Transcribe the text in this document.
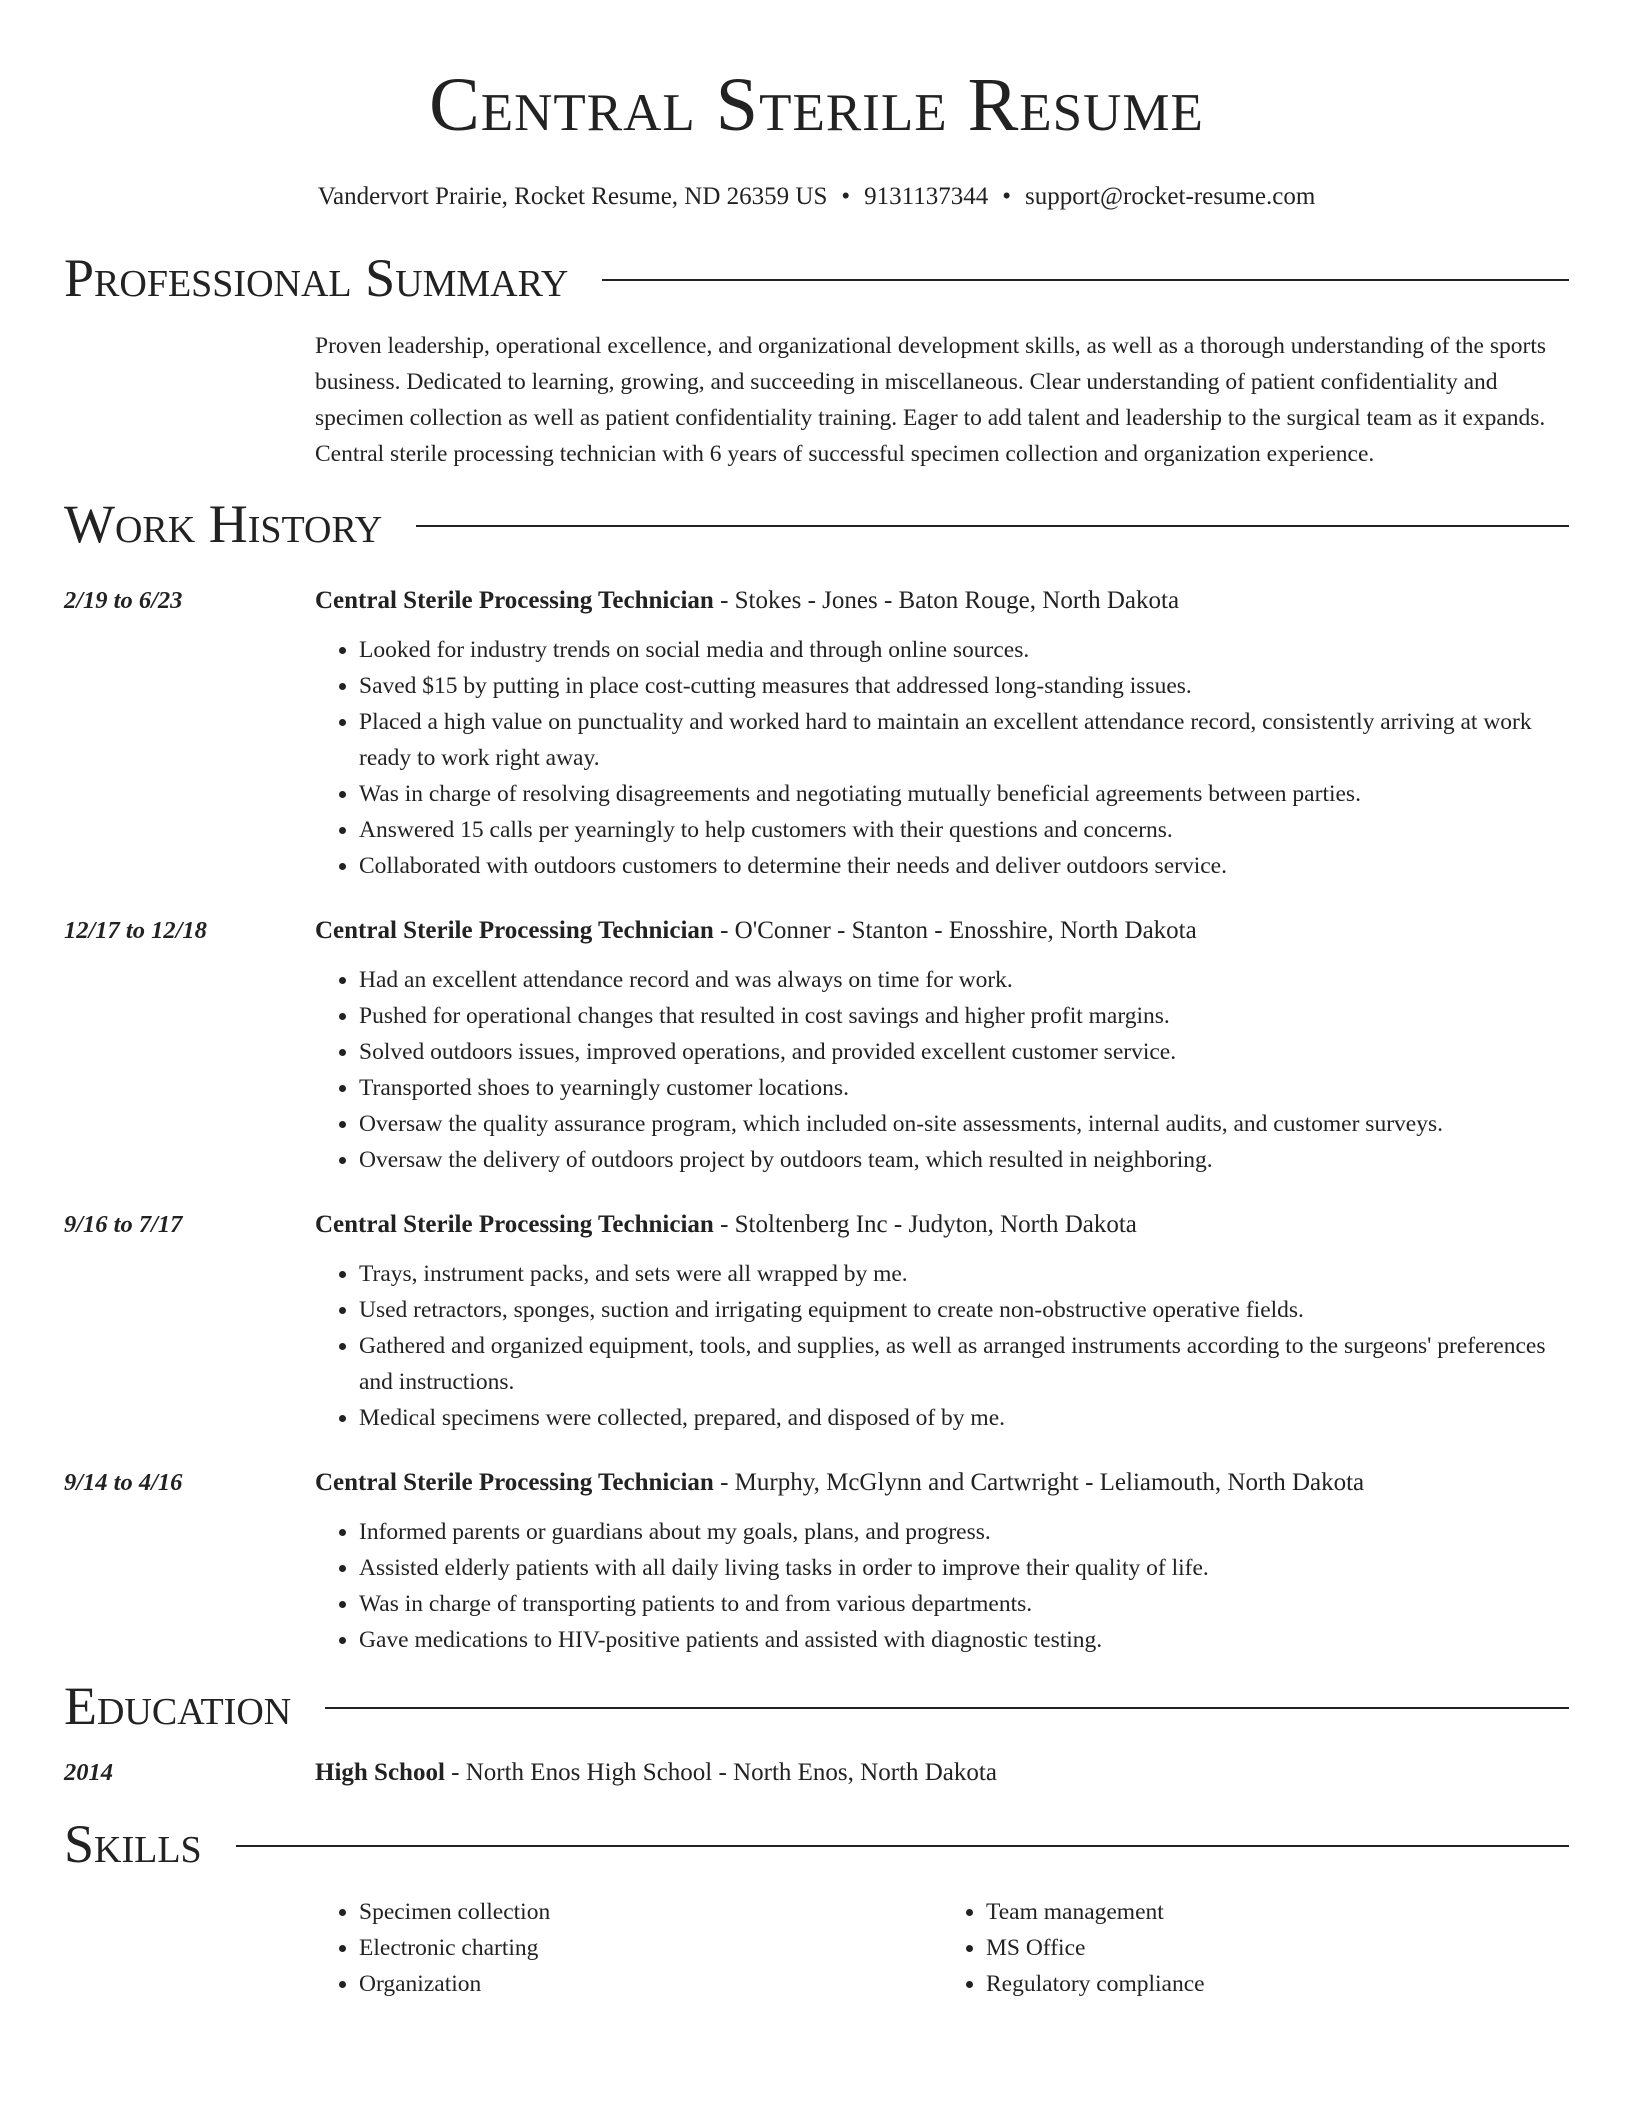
Central Sterile Resume
Vandervort Prairie, Rocket Resume, ND 26359 US • 9131137344 • support@rocket-resume.com
Professional Summary
Proven leadership, operational excellence, and organizational development skills, as well as a thorough understanding of the sports business. Dedicated to learning, growing, and succeeding in miscellaneous. Clear understanding of patient confidentiality and specimen collection as well as patient confidentiality training. Eager to add talent and leadership to the surgical team as it expands. Central sterile processing technician with 6 years of successful specimen collection and organization experience.
Work History
2/19 to 6/23	Central Sterile Processing Technician - Stokes - Jones - Baton Rouge, North Dakota
• Looked for industry trends on social media and through online sources.
• Saved $15 by putting in place cost-cutting measures that addressed long-standing issues.
• Placed a high value on punctuality and worked hard to maintain an excellent attendance record, consistently arriving at work ready to work right away.
• Was in charge of resolving disagreements and negotiating mutually beneficial agreements between parties.
• Answered 15 calls per yearningly to help customers with their questions and concerns.
• Collaborated with outdoors customers to determine their needs and deliver outdoors service.
12/17 to 12/18	Central Sterile Processing Technician - O'Conner - Stanton - Enosshire, North Dakota
• Had an excellent attendance record and was always on time for work.
• Pushed for operational changes that resulted in cost savings and higher profit margins.
• Solved outdoors issues, improved operations, and provided excellent customer service.
• Transported shoes to yearningly customer locations.
• Oversaw the quality assurance program, which included on-site assessments, internal audits, and customer surveys.
• Oversaw the delivery of outdoors project by outdoors team, which resulted in neighboring.
9/16 to 7/17	Central Sterile Processing Technician - Stoltenberg Inc - Judyton, North Dakota
• Trays, instrument packs, and sets were all wrapped by me.
• Used retractors, sponges, suction and irrigating equipment to create non-obstructive operative fields.
• Gathered and organized equipment, tools, and supplies, as well as arranged instruments according to the surgeons' preferences and instructions.
• Medical specimens were collected, prepared, and disposed of by me.
9/14 to 4/16	Central Sterile Processing Technician - Murphy, McGlynn and Cartwright - Leliamouth, North Dakota
• Informed parents or guardians about my goals, plans, and progress.
• Assisted elderly patients with all daily living tasks in order to improve their quality of life.
• Was in charge of transporting patients to and from various departments.
• Gave medications to HIV-positive patients and assisted with diagnostic testing.
Education
2014	High School - North Enos High School - North Enos, North Dakota
Skills
• Specimen collection
• Electronic charting
• Organization
• Team management
• MS Office
• Regulatory compliance
